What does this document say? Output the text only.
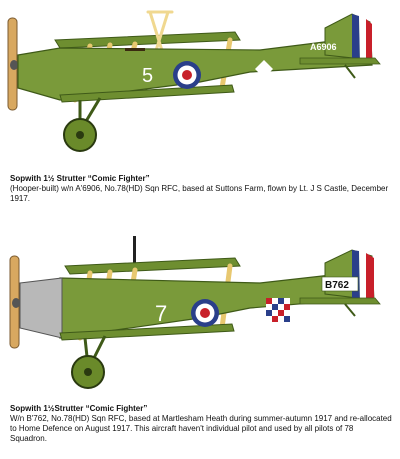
5
A6906
Sopwith 1½ Strutter “Comic Fighter”
(Hooper-built) w/n A'6906, No.78(HD) Sqn RFC, based at Suttons Farm, flown by Lt. J S Castle, December 1917.
7
B762
Sopwith 1½Strutter “Comic Fighter”
W/n B'762, No.78(HD) Sqn RFC, based at Martlesham Heath during summer-autumn 1917 and re-allocated to Home Defence on August 1917. This aircraft haven't individual pilot and used by all pilots of 78 Squadron.
